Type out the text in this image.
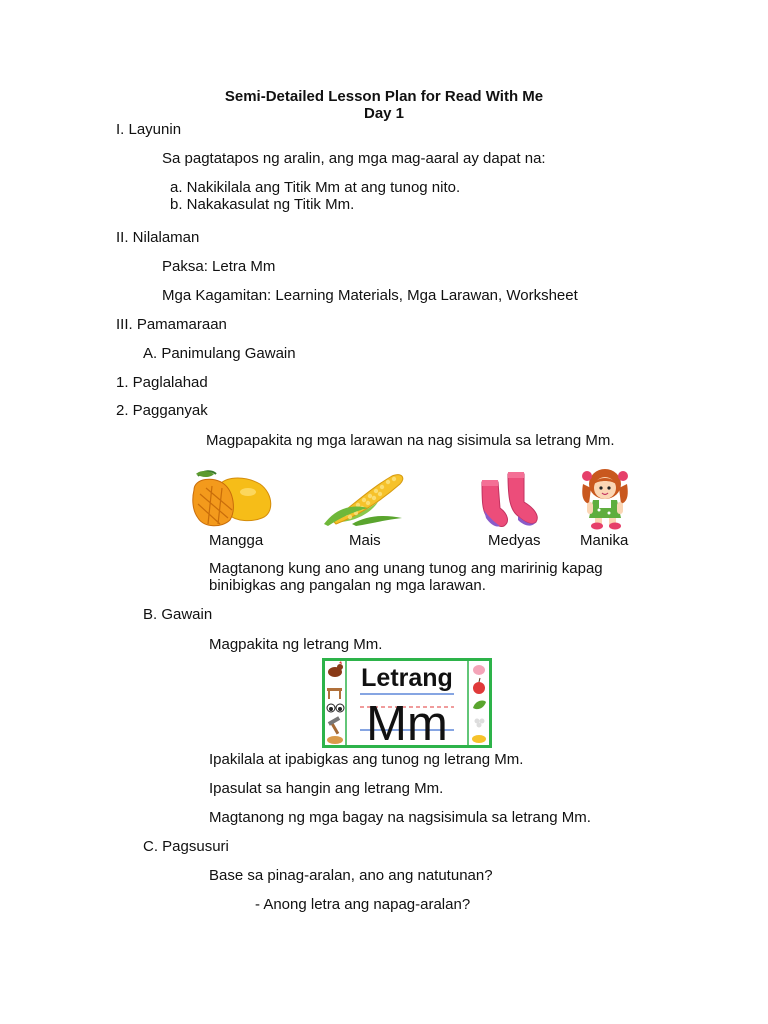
Semi-Detailed Lesson Plan for Read With Me
Day 1
I. Layunin
Sa pagtatapos ng aralin, ang mga mag-aaral ay dapat na:
a. Nakikilala ang Titik Mm at ang tunog nito.
b. Nakakasulat ng Titik Mm.
II. Nilalaman
Paksa: Letra Mm
Mga Kagamitan: Learning Materials, Mga Larawan, Worksheet
III. Pamamaraan
A. Panimulang Gawain
1. Paglalahad
2. Pagganyak
Magpapakita ng mga larawan na nag sisimula sa letrang Mm.
Mangga	Mais	Medyas	Manika
Magtanong kung ano ang unang tunog ang maririnig kapag
binibigkas ang pangalan ng mga larawan.
B. Gawain
Magpakita ng letrang Mm.
Letrang
Mm
Ipakilala at ipabigkas ang tunog ng letrang Mm.
Ipasulat sa hangin ang letrang Mm.
Magtanong ng mga bagay na nagsisimula sa letrang Mm.
C. Pagsusuri
Base sa pinag-aralan, ano ang natutunan?
- Anong letra ang napag-aralan?
